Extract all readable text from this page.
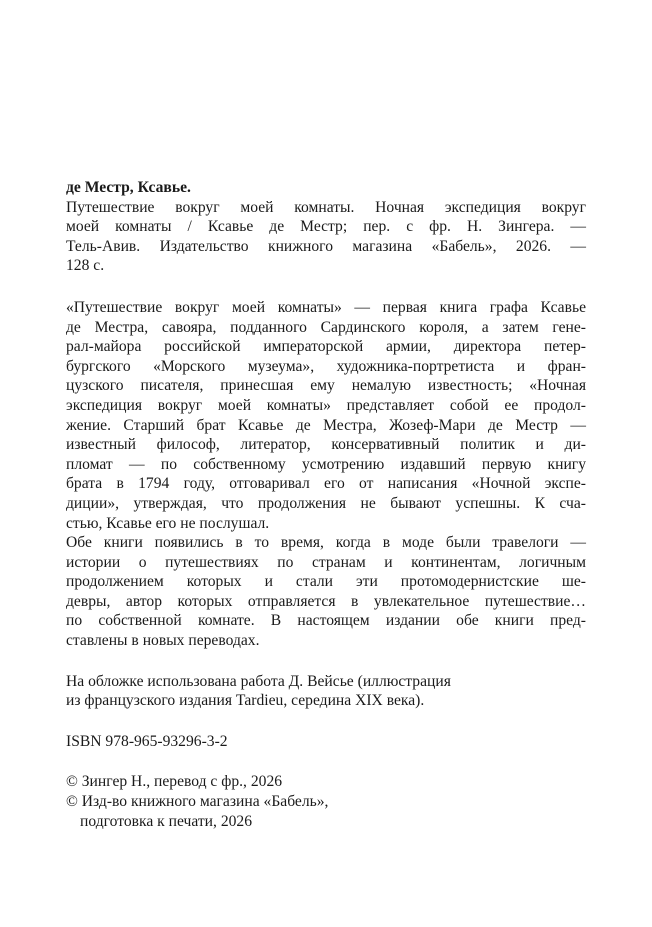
де Местр, Ксавье.
Путешествие вокруг моей комнаты. Ночная экспедиция вокруг
моей комнаты / Ксавье де Местр; пер. с фр. Н. Зингера. —
Тель-Авив. Издательство книжного магазина «Бабель», 2026. —
128 с.
«Путешествие вокруг моей комнаты» — первая книга графа Ксавье
де Местра, савояра, подданного Сардинского короля, а затем гене-
рал-майора российской императорской армии, директора петер-
бургского «Морского музеума», художника-портретиста и фран-
цузского писателя, принесшая ему немалую известность; «Ночная
экспедиция вокруг моей комнаты» представляет собой ее продол-
жение. Старший брат Ксавье де Местра, Жозеф-Мари де Местр —
известный философ, литератор, консервативный политик и ди-
пломат — по собственному усмотрению издавший первую книгу
брата в 1794 году, отговаривал его от написания «Ночной экспе-
диции», утверждая, что продолжения не бывают успешны. К сча-
стью, Ксавье его не послушал.
Обе книги появились в то время, когда в моде были травелоги —
истории о путешествиях по странам и континентам, логичным
продолжением которых и стали эти протомодернистские ше-
девры, автор которых отправляется в увлекательное путешествие…
по собственной комнате. В настоящем издании обе книги пред-
ставлены в новых переводах.
На обложке использована работа Д. Вейсье (иллюстрация
из французского издания Tardieu, середина XIX века).
ISBN 978-965-93296-3-2
© Зингер Н., перевод с фр., 2026
© Изд-во книжного магазина «Бабель»,
подготовка к печати, 2026
